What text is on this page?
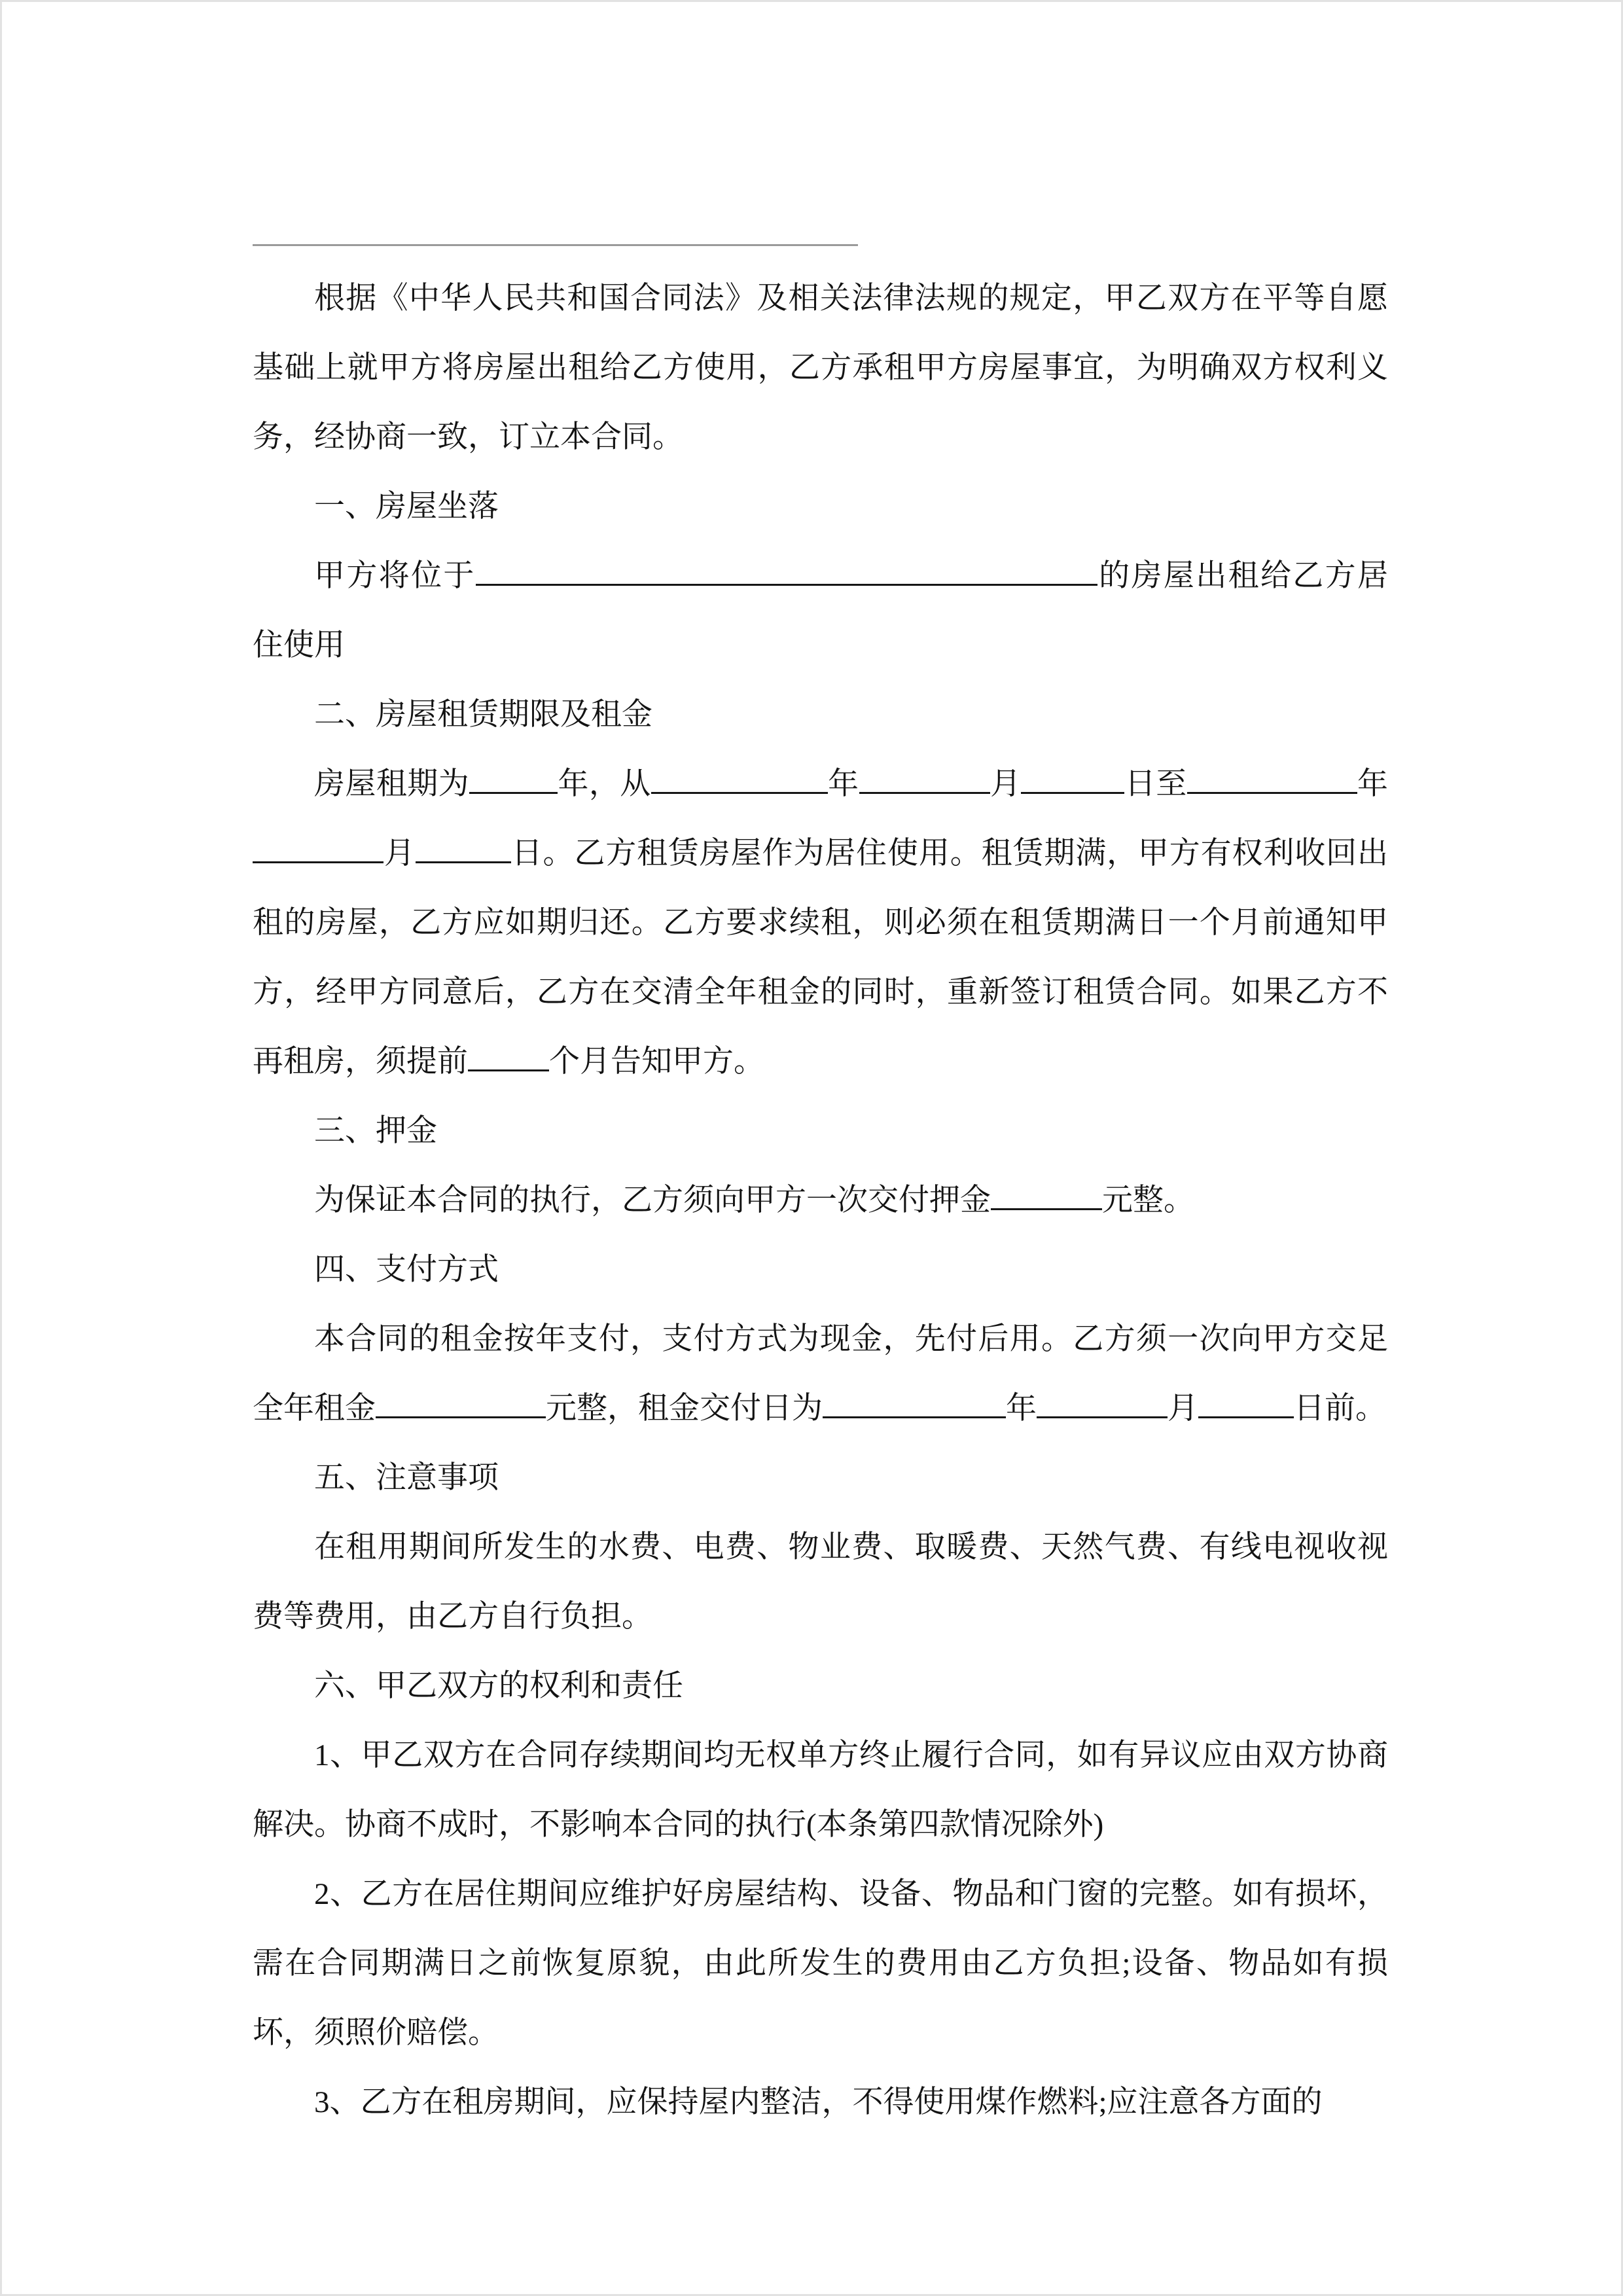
根据《中华人民共和国合同法》及相关法律法规的规定，甲乙双方在平等自愿基础上就甲方将房屋出租给乙方使用，乙方承租甲方房屋事宜，为明确双方权利义务，经协商一致，订立本合同。

一、房屋坐落

甲方将位于	的房屋出租给乙方居住使用

二、房屋租赁期限及租金

房屋租期为	年，从	年	月	日至	年月	日。乙方租赁房屋作为居住使用。租赁期满，甲方有权利收回出租的房屋，乙方应如期归还。乙方要求续租，则必须在租赁期满日一个月前通知甲方，经甲方同意后，乙方在交清全年租金的同时，重新签订租赁合同。如果乙方不再租房，须提前	个月告知甲方。

三、押金

为保证本合同的执行，乙方须向甲方一次交付押金	元整。

四、支付方式

本合同的租金按年支付，支付方式为现金，先付后用。乙方须一次向甲方交足全年租金	元整，租金交付日为	年	月	日前。

五、注意事项

在租用期间所发生的水费、电费、物业费、取暖费、天然气费、有线电视收视费等费用，由乙方自行负担。

六、甲乙双方的权利和责任

1、甲乙双方在合同存续期间均无权单方终止履行合同，如有异议应由双方协商解决。协商不成时，不影响本合同的执行(本条第四款情况除外)

2、乙方在居住期间应维护好房屋结构、设备、物品和门窗的完整。如有损坏，需在合同期满日之前恢复原貌，由此所发生的费用由乙方负担;设备、物品如有损坏，须照价赔偿。

3、乙方在租房期间，应保持屋内整洁，不得使用煤作燃料;应注意各方面的
